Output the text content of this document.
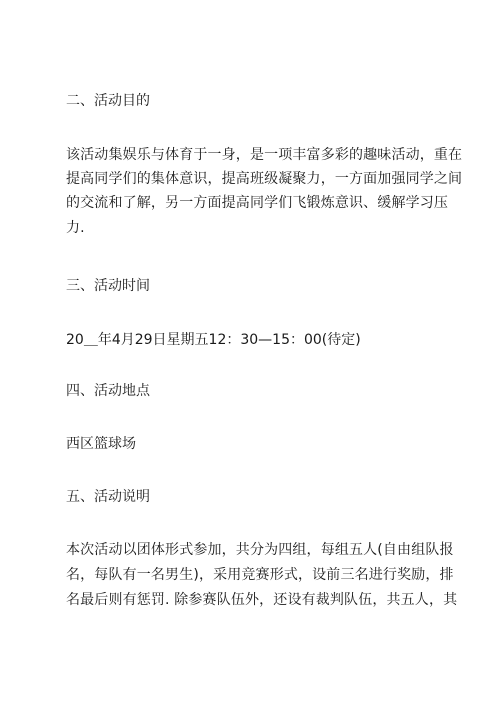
二、活动目的
该活动集娱乐与体育于一身，是一项丰富多彩的趣味活动，重在
提高同学们的集体意识，提高班级凝聚力，一方面加强同学之间
的交流和了解，另一方面提高同学们飞锻炼意识、缓解学习压
力.
三、活动时间
20＿年4月29日星期五12：30—15：00(待定)
四、活动地点
西区篮球场
五、活动说明
本次活动以团体形式参加，共分为四组，每组五人(自由组队报
名，每队有一名男生)，采用竞赛形式，设前三名进行奖励，排
名最后则有惩罚. 除参赛队伍外，还设有裁判队伍，共五人，其
